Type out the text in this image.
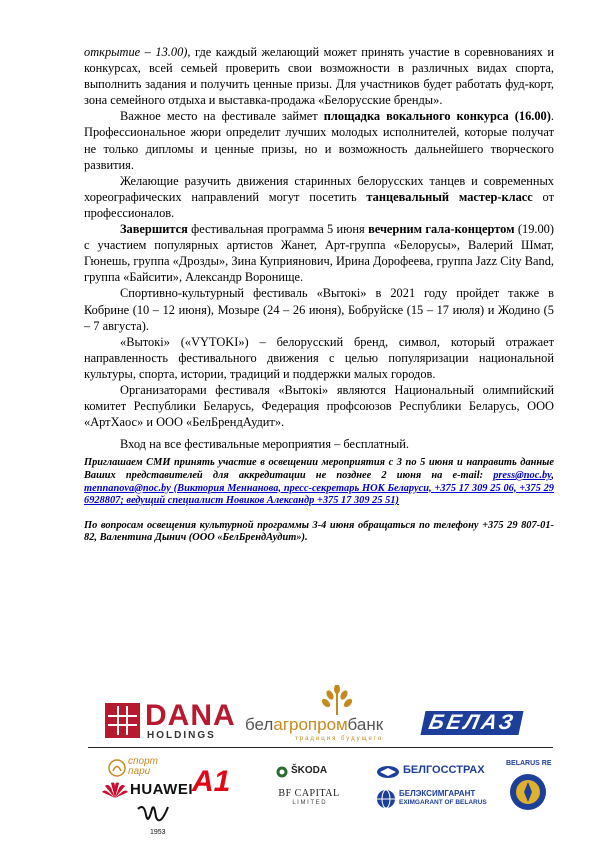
открытие – 13.00), где каждый желающий может принять участие в соревнованиях и конкурсах, всей семьей проверить свои возможности в различных видах спорта, выполнить задания и получить ценные призы. Для участников будет работать фуд-корт, зона семейного отдыха и выставка-продажа «Белорусские бренды».

Важное место на фестивале займет площадка вокального конкурса (16.00). Профессиональное жюри определит лучших молодых исполнителей, которые получат не только дипломы и ценные призы, но и возможность дальнейшего творческого развития.

Желающие разучить движения старинных белорусских танцев и современных хореографических направлений могут посетить танцевальный мастер-класс от профессионалов.

Завершится фестивальная программа 5 июня вечерним гала-концертом (19.00) с участием популярных артистов Жанет, Арт-группа «Белорусы», Валерий Шмат, Гюнешь, группа «Дрозды», Зина Куприянович, Ирина Дорофеева, группа Jazz City Band, группа «Байсити», Александр Воронище.

Спортивно-культурный фестиваль «Вытокі» в 2021 году пройдет также в Кобрине (10 – 12 июня), Мозыре (24 – 26 июня), Бобруйске (15 – 17 июля) и Жодино (5 – 7 августа).

«Вытокі» («VYTOKI») – белорусский бренд, символ, который отражает направленность фестивального движения с целью популяризации национальной культуры, спорта, истории, традиций и поддержки малых городов.

Организаторами фестиваля «Вытокі» являются Национальный олимпийский комитет Республики Беларусь, Федерация профсоюзов Республики Беларусь, ООО «АртХаос» и ООО «БелБрендАудит».

Вход на все фестивальные мероприятия – бесплатный.

Приглашаем СМИ принять участие в освещении мероприятия с 3 по 5 июня и направить данные Ваших представителей для аккредитации не позднее 2 июня на e-mail: press@noc.by, mennanova@noc.by (Виктория Меннанова, пресс-секретарь НОК Беларуси, +375 17 309 25 06, +375 29 6928807; ведущий специалист Новиков Александр +375 17 309 25 51)

По вопросам освещения культурной программы 3-4 июня обращаться по телефону +375 29 807-01-82, Валентина Дынич (ООО «БелБрендАудит»).

DANA
HOLDINGS
белагропромбанк
традиция будущего
БЕЛАЗ
спорт
пари
HUAWEI A1	ŠKODA
BF CAPITAL
L I M I T E D
БЕЛГОССТРАХ
БЕЛЭКСИМГАРАНТ
EXIMGARANT OF BELARUS
BELARUS RE
1953
